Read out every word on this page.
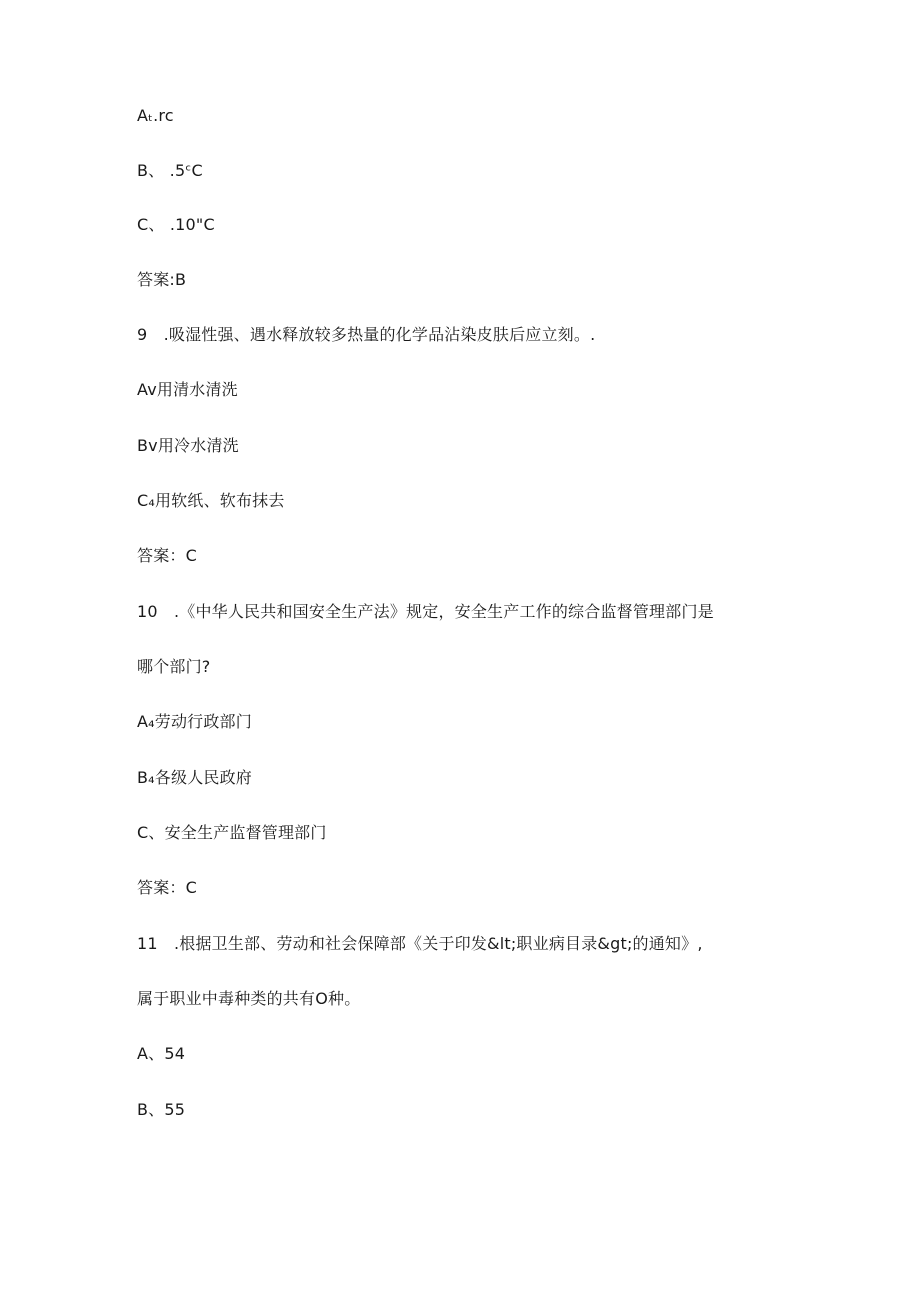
Aₜ.rc
B、 .5ᶜC
C、 .10"C
答案:B
9　.吸湿性强、遇水释放较多热量的化学品沾染皮肤后应立刻。.
Av用清水清洗
Bv用冷水清洗
C₄用软纸、软布抹去
答案：C
10　.《中华人民共和国安全生产法》规定，安全生产工作的综合监督管理部门是
哪个部门?
A₄劳动行政部门
B₄各级人民政府
C、安全生产监督管理部门
答案：C
11　.根据卫生部、劳动和社会保障部《关于印发&lt;职业病目录&gt;的通知》,
属于职业中毒种类的共有O种。
A、54
B、55
